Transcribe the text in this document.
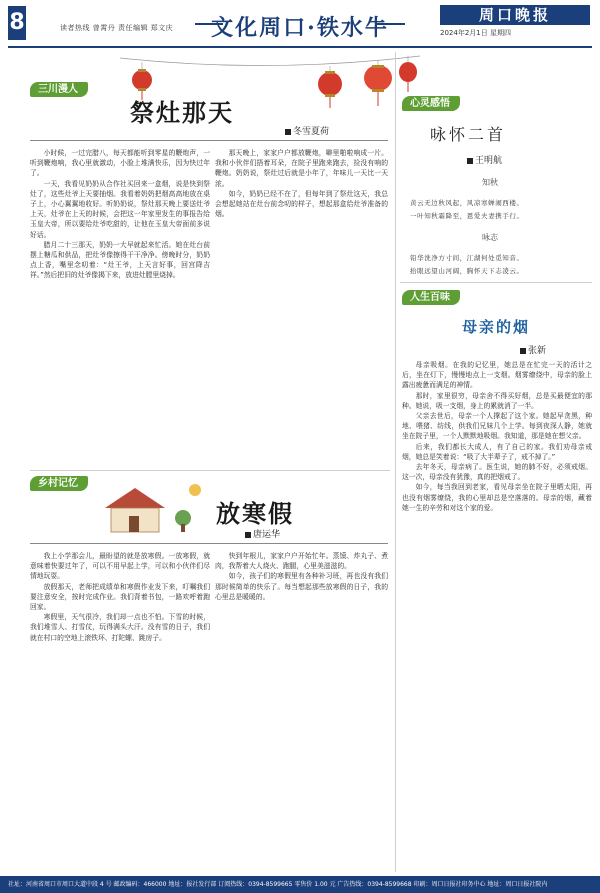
8	读者热线 曾霄丹 责任编辑 郑文庆	文化周口·铁水牛	周口晚报
2024年2月1日 星期四
三川漫人
祭灶那天
冬雪夏荷

小时候，一过完腊八，每天都能听到零星的鞭炮声，一听到鞭炮响，我心里就激动，小脸上堆满快乐，因为快过年了。

一天，我看见奶奶从合作社买回来一盒烟，说是快到祭灶了，这些灶爷上天要抽烟。我看着奶奶把烟高高地放在桌子上，小心翼翼地收好。听奶奶说，祭灶那天晚上要送灶爷上天，灶爷在上天的时候，会把这一年家里发生的事报告给玉皇大帝，所以要给灶爷吃甜的，让他在玉皇大帝面前多说好话。

腊月二十三那天，奶奶一大早就起来忙活。她在灶台前摆上糖瓜和供品，把灶爷像擦得干干净净。傍晚时分，奶奶点上香，嘴里念叨着：“灶王爷，上天言好事，回宫降吉祥。”然后把旧的灶爷像揭下来，放进灶膛里烧掉。

那天晚上，家家户户都放鞭炮，噼里啪啦响成一片。我和小伙伴们捂着耳朵，在院子里跑来跑去，捡没有响的鞭炮。奶奶说，祭灶过后就是小年了，年味儿一天比一天浓。

如今，奶奶已经不在了，但每年到了祭灶这天，我总会想起她站在灶台前念叨的样子，想起那盒给灶爷准备的烟。

乡村记忆
放寒假
唐运华

我上小学那会儿，最盼望的就是放寒假。一放寒假，就意味着快要过年了，可以不用早起上学，可以和小伙伴们尽情地玩耍。

放假那天，老师把成绩单和寒假作业发下来，叮嘱我们要注意安全，按时完成作业。我们背着书包，一路欢呼着跑回家。

寒假里，天气很冷，我们却一点也不怕。下雪的时候，我们堆雪人、打雪仗，玩得满头大汗。没有雪的日子，我们就在村口的空地上滚铁环、打陀螺、跳房子。

快到年根儿，家家户户开始忙年。蒸馍、炸丸子、煮肉，我帮着大人烧火、跑腿，心里美滋滋的。

如今，孩子们的寒假里有各种补习班，再也没有我们那时候简单的快乐了。每当想起那些放寒假的日子，我的心里总是暖暖的。

心灵感悟
咏怀二首
王明航
知秋
黄云无边秋风起，风凉寒蝉闹西楼。
一叶知秋霜降至，恩爱夫妻携手行。
咏志
铅华洗净方寸间，江湖何处觅知音。
抬眼远望山河阔，胸怀天下志凌云。
人生百味
母亲的烟
张新

母亲吸烟。在我的记忆里，她总是在忙完一天的活计之后，坐在灯下，慢慢地点上一支烟。烟雾缭绕中，母亲的脸上露出疲惫而满足的神情。

那时，家里很穷，母亲舍不得买好烟，总是买最便宜的那种。她说，吸一支烟，身上的累就消了一半。

父亲去世后，母亲一个人撑起了这个家。她起早贪黑，种地、喂猪、纺线，供我们兄妹几个上学。每到夜深人静，她就坐在院子里，一个人默默地吸烟。我知道，那是她在想父亲。

后来，我们都长大成人，有了自己的家。我们劝母亲戒烟，她总是笑着说：“吸了大半辈子了，戒不掉了。”

去年冬天，母亲病了。医生说，她的肺不好，必须戒烟。这一次，母亲没有犹豫，真的把烟戒了。

如今，每当我回到老家，看见母亲坐在院子里晒太阳，再也没有烟雾缭绕，我的心里却总是空落落的。母亲的烟，藏着她一生的辛劳和对这个家的爱。

社址：河南省周口市周口大道中段 4 号 邮政编码：466000 地址：报社发行部 订阅热线：0394-8599665 零售价 1.00 元 广告热线：0394-8599668 印刷：周口日报社印务中心 地址：周口日报社院内
